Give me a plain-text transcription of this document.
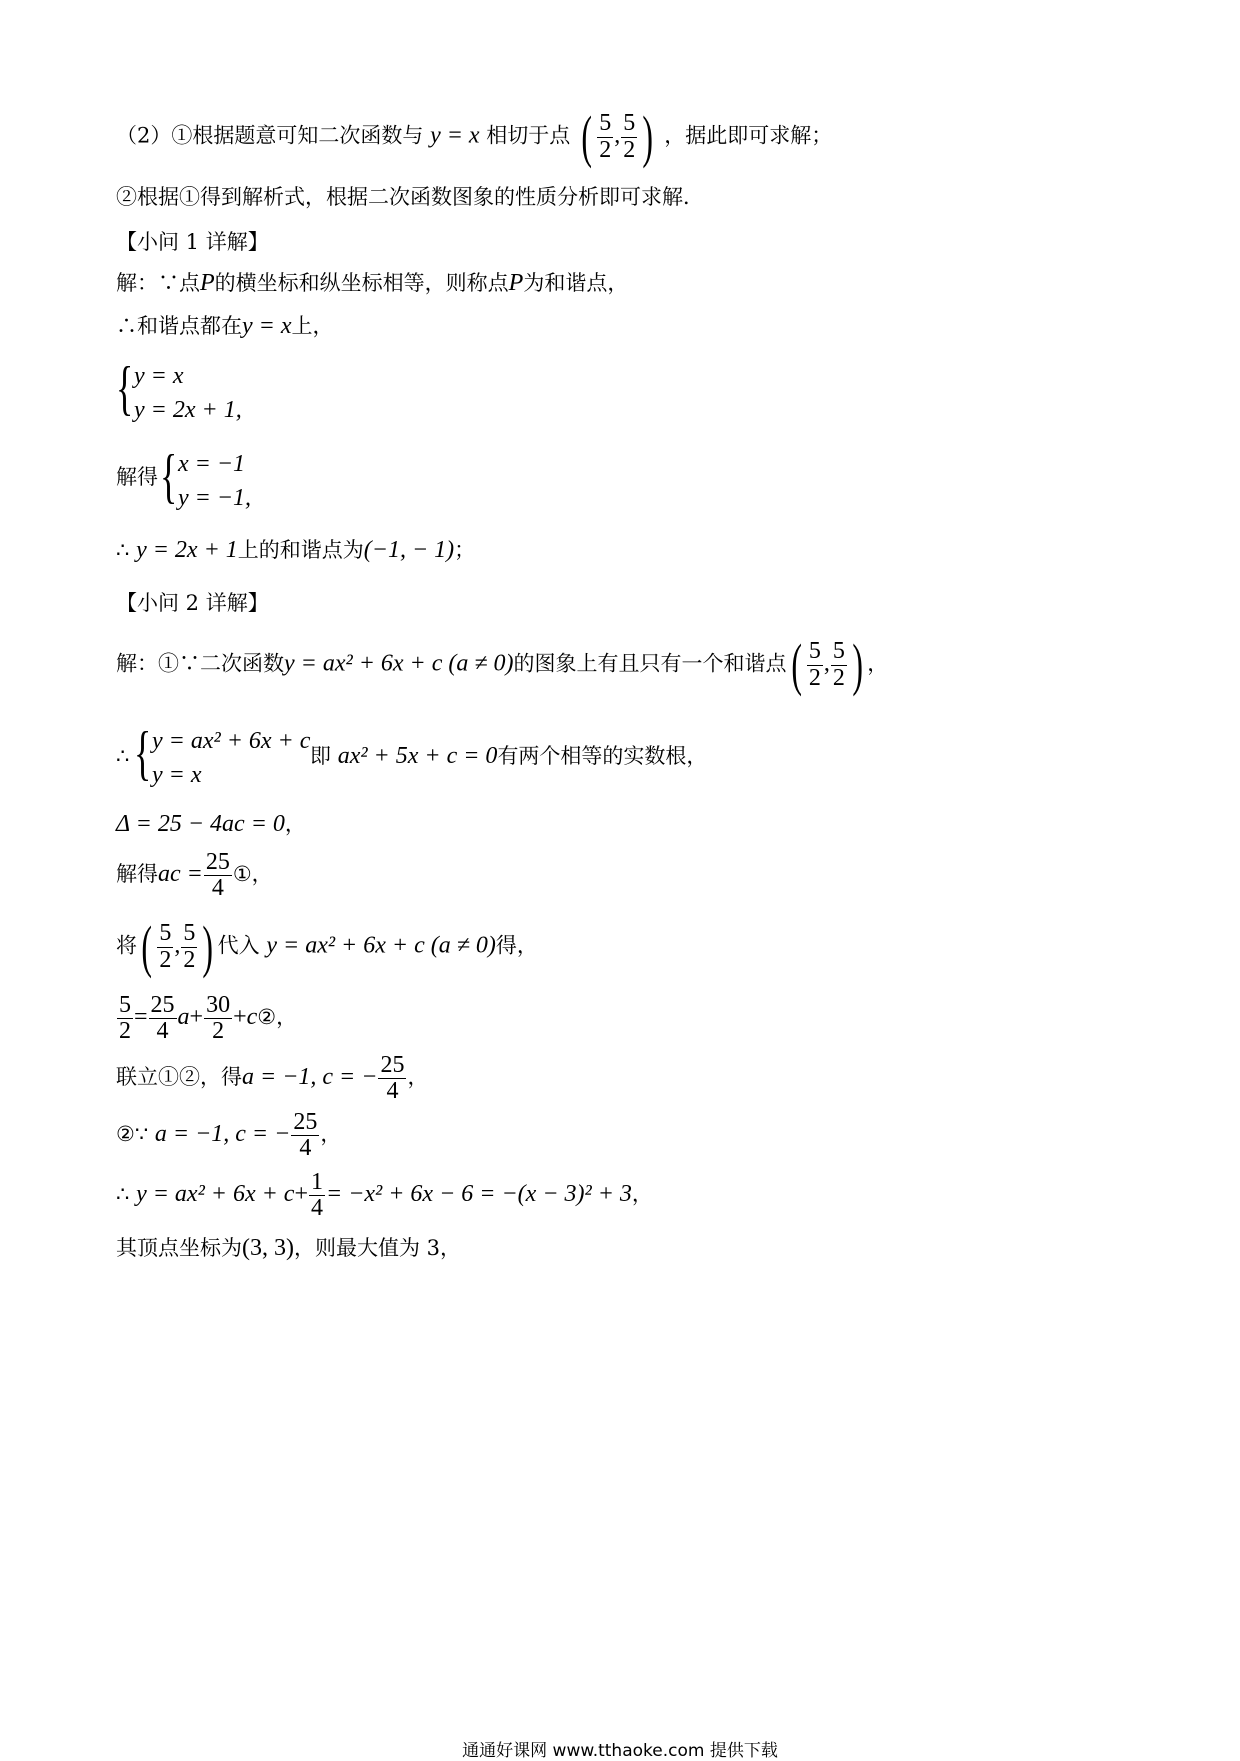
（2）①根据题意可知二次函数与 y = x 相切于点 ( $\frac{5}{2}$ , $\frac{5}{2}$ ) ，据此即可求解；
②根据①得到解析式，根据二次函数图象的性质分析即可求解．
【小问 1 详解】
解：∵点P的横坐标和纵坐标相等，则称点P为和谐点，
∴和谐点都在y = x上，
{ y = x
y = 2x + 1,
解得 { x = −1
y = −1,
∴ y = 2x + 1上的和谐点为(−1, − 1)；
【小问 2 详解】
解：①∵二次函数y = ax² + 6x + c (a ≠ 0)的图象上有且只有一个和谐点( $\frac{5}{2}$ , $\frac{5}{2}$ ) ，
∴ { y = ax² + 6x + c
y = x
即 ax² + 5x + c = 0有两个相等的实数根，
Δ = 25 − 4ac = 0，
解得ac = $\frac{25}{4}$ ①，
将( $\frac{5}{2}$ , $\frac{5}{2}$ ) 代入 y = ax² + 6x + c (a ≠ 0)得，
$\frac{5}{2} = \frac{25}{4} a+ \frac{30}{2}$ +c②，
联立①②，得a = −1, c = − $\frac{25}{4}$ ，
②∵ a = −1, c = − $\frac{25}{4}$ ，
∴ $y = ax^2 + 6x + c+ \frac{1}{4} = -x^2 + 6x - 6 = -(x - 3)^2 + 3$，
其顶点坐标为(3, 3)，则最大值为 3，
通通好课网 www.tthaoke.com 提供下载
